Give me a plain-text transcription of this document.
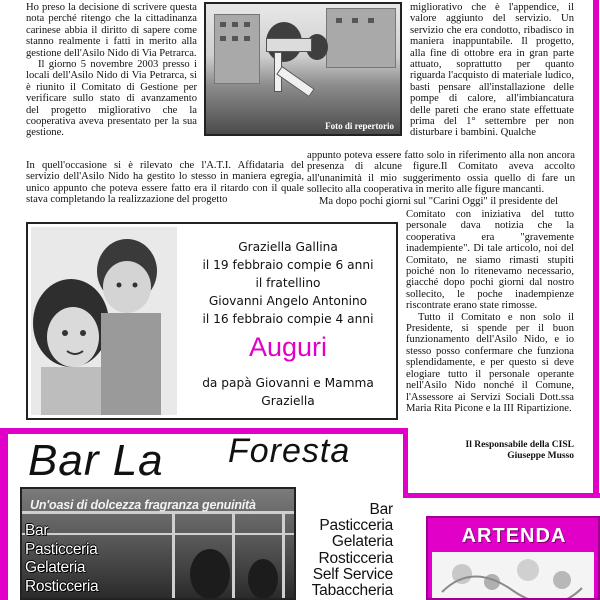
Ho preso la decisione di scrivere questa nota perché ritengo che la cittadinanza carinese abbia il diritto di sapere come stanno realmente i fatti in merito alla gestione dell'Asilo Nido di Via Petrarca.

Il giorno 5 novembre 2003 presso i locali dell'Asilo Nido di Via Petrarca, si è riunito il Comitato di Gestione per verificare sullo stato di avanzamento del progetto migliorativo che la cooperativa aveva presentato per la sua gestione.

In quell'occasione si è rilevato che l'A.T.I. Affidataria del servizio dell'Asilo Nido ha gestito lo stesso in maniera egregia, unico appunto che poteva essere fatto era il ritardo con il quale stava completando la realizzazione del progetto

Foto di repertorio

migliorativo che è l'appendice, il valore aggiunto del servizio. Un servizio che era condotto, ribadisco in maniera inappuntabile. Il progetto, alla fine di ottobre era in gran parte attuato, soprattutto per quanto riguarda l'acquisto di materiale ludico, basti pensare all'installazione delle pompe di calore, all'imbiancatura delle pareti che erano state effettuate prima del 1° settembre per non disturbare i bambini. Qualche

appunto poteva essere fatto solo in riferimento alla non ancora presenza di alcune figure.Il Comitato aveva accolto all'unanimità il mio suggerimento ossia quello di fare un sollecito alla cooperativa in merito alle figure mancanti.

Ma dopo pochi giorni sul "Carini Oggi" il presidente del

Comitato con iniziativa del tutto personale dava notizia che la cooperativa era "gravemente inadempiente". Di tale articolo, noi del Comitato, ne siamo rimasti stupiti poiché non lo ritenevamo necessario, giacché dopo pochi giorni dal nostro sollecito, le poche inadempienze riscontrate erano state rimosse.

Tutto il Comitato e non solo il Presidente, si spende per il buon funzionamento dell'Asilo Nido, e io stesso posso confermare che funziona splendidamente, e per questo si deve elogiare tutto il personale operante nell'Asilo Nido nonché il Comune, l'Assessore ai Servizi Sociali Dott.ssa Maria Rita Picone e la III Ripartizione.

Il Responsabile della CISL
Giuseppe Musso
Graziella Gallina
il 19 febbraio compie 6 anni
il fratellino
Giovanni Angelo Antonino
il 16 febbraio compie 4 anni
Auguri
da papà Giovanni e Mamma Graziella
Bar La Foresta
Un'oasi di dolcezza fragranza genuinità
Bar
Pasticceria
Gelateria
Rosticceria
Bar
Pasticceria
Gelateria
Rosticceria
Self Service
Tabaccheria
ARTENDA
